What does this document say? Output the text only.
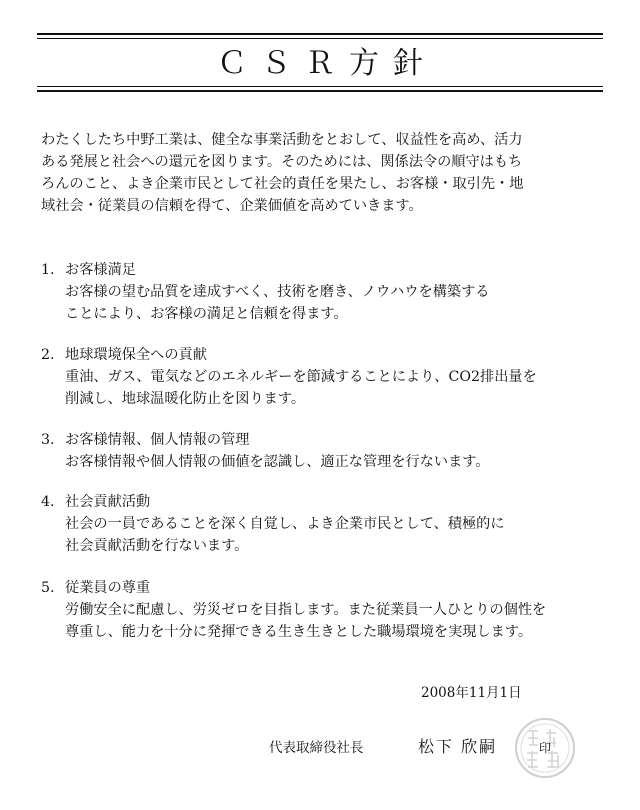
ＣＳＲ方針
わたくしたち中野工業は、健全な事業活動をとおして、収益性を高め、活力
ある発展と社会への還元を図ります。そのためには、関係法令の順守はもち
ろんのこと、よき企業市民として社会的責任を果たし、お客様・取引先・地
域社会・従業員の信頼を得て、企業価値を高めていきます。
1. お客様満足
お客様の望む品質を達成すべく、技術を磨き、ノウハウを構築する
ことにより、お客様の満足と信頼を得ます。
2. 地球環境保全への貢献
重油、ガス、電気などのエネルギーを節減することにより、CO2排出量を
削減し、地球温暖化防止を図ります。
3. お客様情報、個人情報の管理
お客様情報や個人情報の価値を認識し、適正な管理を行ないます。
4. 社会貢献活動
社会の一員であることを深く自覚し、よき企業市民として、積極的に
社会貢献活動を行ないます。
5. 従業員の尊重
労働安全に配慮し、労災ゼロを目指します。また従業員一人ひとりの個性を
尊重し、能力を十分に発揮できる生き生きとした職場環境を実現します。
2008年11月1日
代表取締役社長	松下 欣嗣	印
